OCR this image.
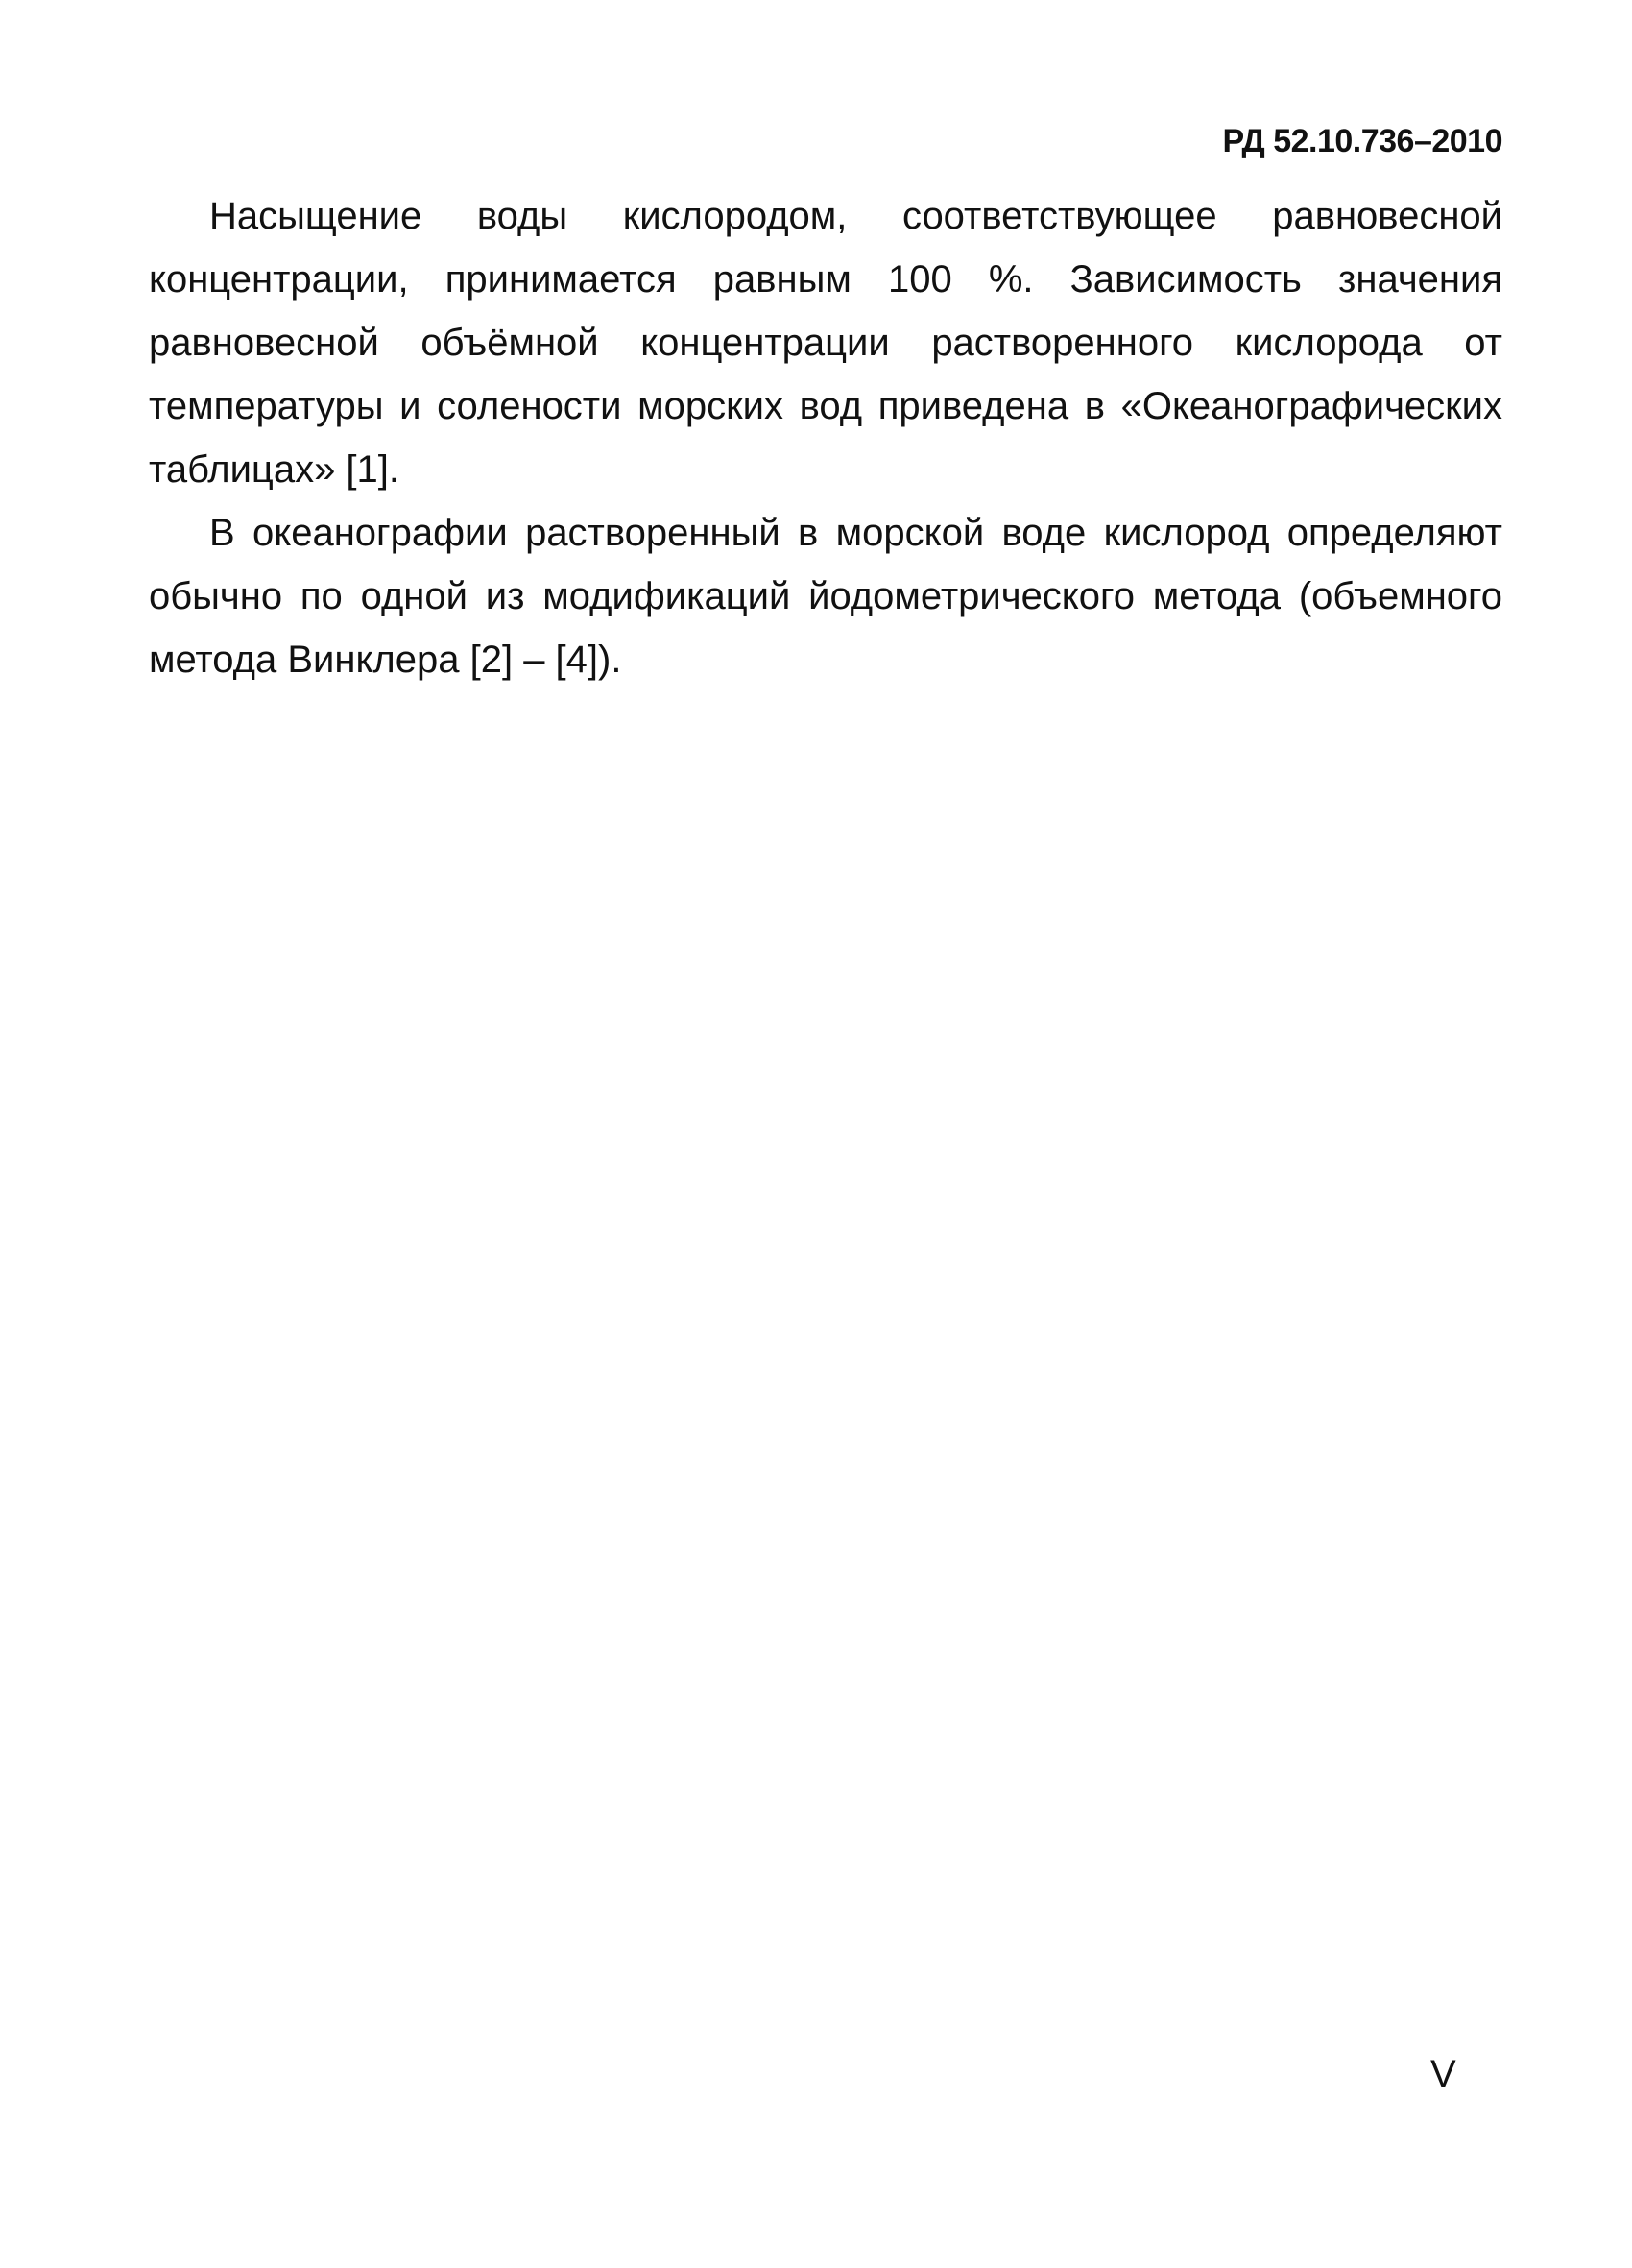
РД 52.10.736–2010

Насыщение воды кислородом, соответствующее равновесной концентрации, принимается равным 100 %. Зависимость значения равновесной объёмной концентрации растворенного кислорода от температуры и солености морских вод приведена в «Океанографических таблицах» [1].

В океанографии растворенный в морской воде кислород определяют обычно по одной из модификаций йодометрического метода (объемного метода Винклера [2] – [4]).

V
